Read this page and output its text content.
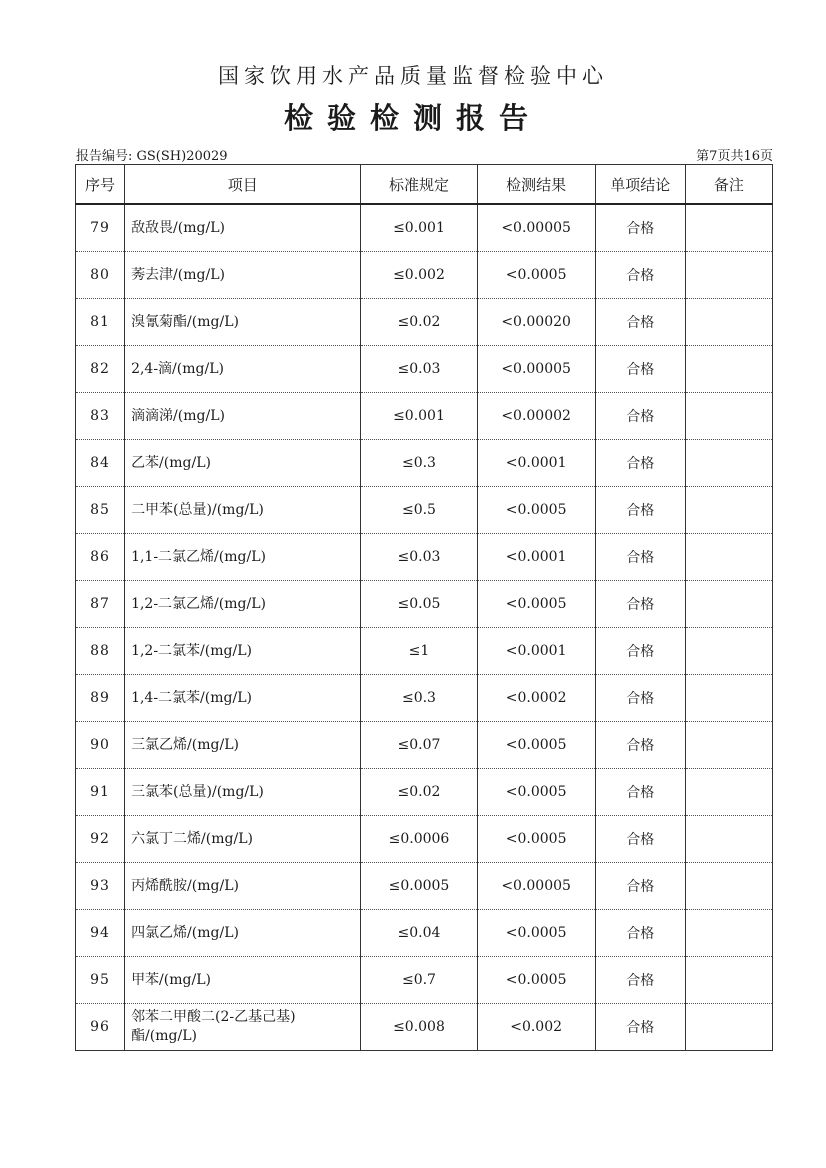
国家饮用水产品质量监督检验中心
检验检测报告
报告编号: GS(SH)20029	第7页共16页
序号	项目	标准规定	检测结果	单项结论	备注
79	敌敌畏/(mg/L)	≤0.001	<0.00005	合格	
80	莠去津/(mg/L)	≤0.002	<0.0005	合格	
81	溴氰菊酯/(mg/L)	≤0.02	<0.00020	合格	
82	2,4-滴/(mg/L)	≤0.03	<0.00005	合格	
83	滴滴涕/(mg/L)	≤0.001	<0.00002	合格	
84	乙苯/(mg/L)	≤0.3	<0.0001	合格	
85	二甲苯(总量)/(mg/L)	≤0.5	<0.0005	合格	
86	1,1-二氯乙烯/(mg/L)	≤0.03	<0.0001	合格	
87	1,2-二氯乙烯/(mg/L)	≤0.05	<0.0005	合格	
88	1,2-二氯苯/(mg/L)	≤1	<0.0001	合格	
89	1,4-二氯苯/(mg/L)	≤0.3	<0.0002	合格	
90	三氯乙烯/(mg/L)	≤0.07	<0.0005	合格	
91	三氯苯(总量)/(mg/L)	≤0.02	<0.0005	合格	
92	六氯丁二烯/(mg/L)	≤0.0006	<0.0005	合格	
93	丙烯酰胺/(mg/L)	≤0.0005	<0.00005	合格	
94	四氯乙烯/(mg/L)	≤0.04	<0.0005	合格	
95	甲苯/(mg/L)	≤0.7	<0.0005	合格	
96	邻苯二甲酸二(2-乙基己基)酯/(mg/L)	≤0.008	<0.002	合格	
